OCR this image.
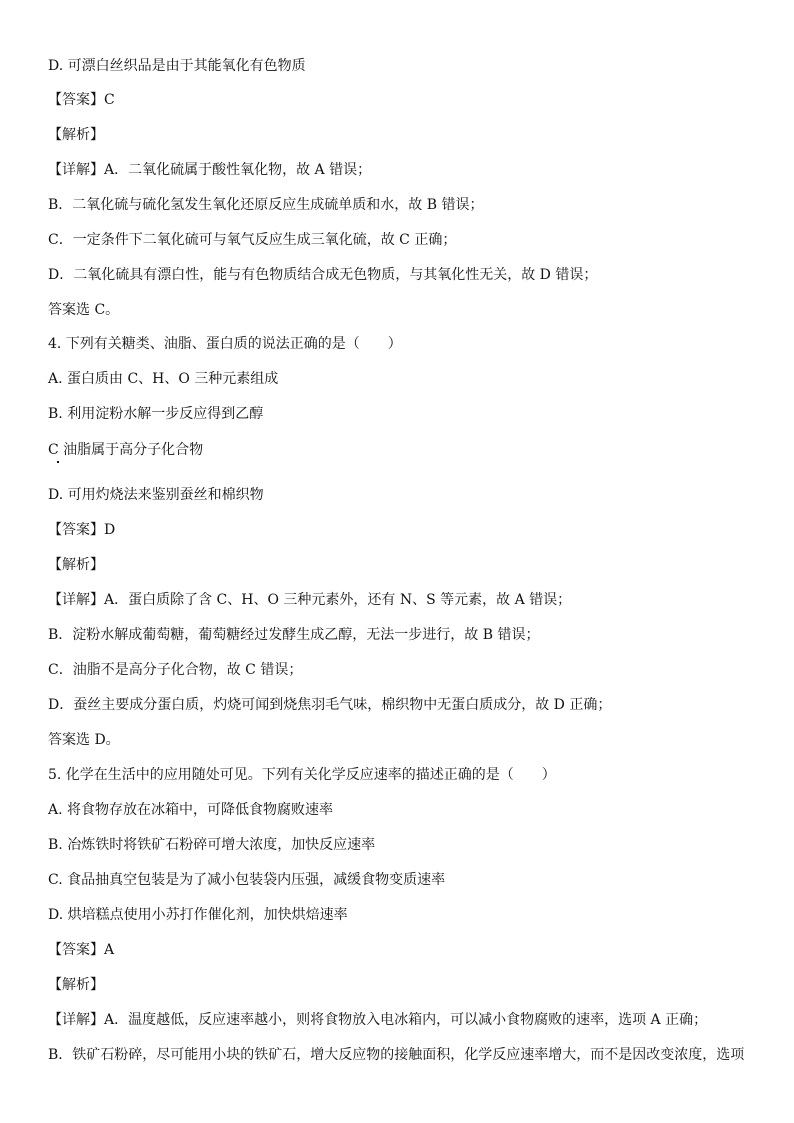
D. 可漂白丝织品是由于其能氧化有色物质
【答案】C
【解析】
【详解】A．二氧化硫属于酸性氧化物，故 A 错误；
B．二氧化硫与硫化氢发生氧化还原反应生成硫单质和水，故 B 错误；
C．一定条件下二氧化硫可与氧气反应生成三氧化硫，故 C 正确；
D．二氧化硫具有漂白性，能与有色物质结合成无色物质，与其氧化性无关，故 D 错误；
答案选 C。
4. 下列有关糖类、油脂、蛋白质的说法正确的是（　　）
A. 蛋白质由 C、H、O 三种元素组成
B. 利用淀粉水解一步反应得到乙醇
C 油脂属于高分子化合物
D. 可用灼烧法来鉴别蚕丝和棉织物
【答案】D
【解析】
【详解】A．蛋白质除了含 C、H、O 三种元素外，还有 N、S 等元素，故 A 错误；
B．淀粉水解成葡萄糖，葡萄糖经过发酵生成乙醇，无法一步进行，故 B 错误；
C．油脂不是高分子化合物，故 C 错误；
D．蚕丝主要成分蛋白质，灼烧可闻到烧焦羽毛气味，棉织物中无蛋白质成分，故 D 正确；
答案选 D。
5. 化学在生活中的应用随处可见。下列有关化学反应速率的描述正确的是（　　）
A. 将食物存放在冰箱中，可降低食物腐败速率
B. 冶炼铁时将铁矿石粉碎可增大浓度，加快反应速率
C. 食品抽真空包装是为了减小包装袋内压强，减缓食物变质速率
D. 烘培糕点使用小苏打作催化剂，加快烘焙速率
【答案】A
【解析】
【详解】A．温度越低，反应速率越小，则将食物放入电冰箱内，可以减小食物腐败的速率，选项 A 正确；
B．铁矿石粉碎，尽可能用小块的铁矿石，增大反应物的接触面积，化学反应速率增大，而不是因改变浓度，选项
